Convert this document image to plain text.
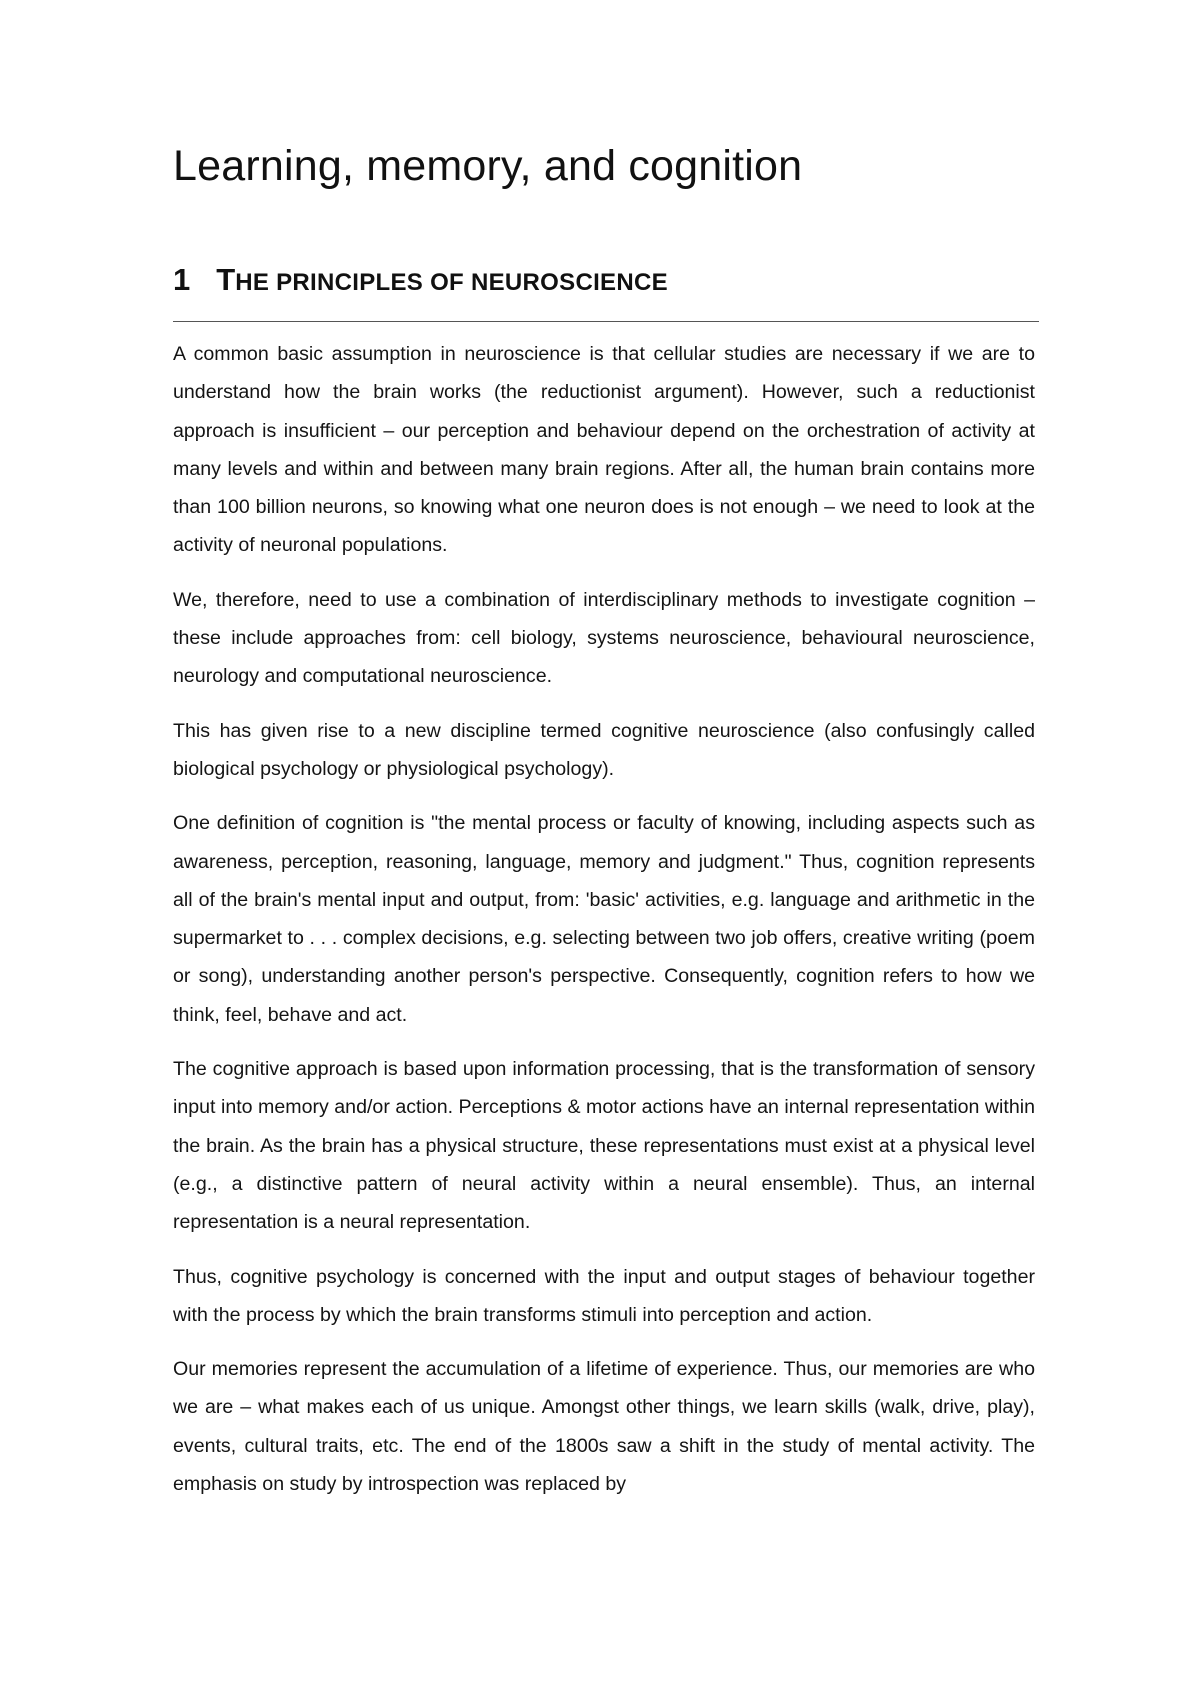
Learning, memory, and cognition
1 THE PRINCIPLES OF NEUROSCIENCE

A common basic assumption in neuroscience is that cellular studies are necessary if we are to understand how the brain works (the reductionist argument). However, such a reductionist approach is insufficient – our perception and behaviour depend on the orchestration of activity at many levels and within and between many brain regions. After all, the human brain contains more than 100 billion neurons, so knowing what one neuron does is not enough – we need to look at the activity of neuronal populations.

We, therefore, need to use a combination of interdisciplinary methods to investigate cognition – these include approaches from: cell biology, systems neuroscience, behavioural neuroscience, neurology and computational neuroscience.

This has given rise to a new discipline termed cognitive neuroscience (also confusingly called biological psychology or physiological psychology).

One definition of cognition is "the mental process or faculty of knowing, including aspects such as awareness, perception, reasoning, language, memory and judgment." Thus, cognition represents all of the brain's mental input and output, from: 'basic' activities, e.g. language and arithmetic in the supermarket to . . . complex decisions, e.g. selecting between two job offers, creative writing (poem or song), understanding another person's perspective. Consequently, cognition refers to how we think, feel, behave and act.

The cognitive approach is based upon information processing, that is the transformation of sensory input into memory and/or action. Perceptions & motor actions have an internal representation within the brain. As the brain has a physical structure, these representations must exist at a physical level (e.g., a distinctive pattern of neural activity within a neural ensemble). Thus, an internal representation is a neural representation.

Thus, cognitive psychology is concerned with the input and output stages of behaviour together with the process by which the brain transforms stimuli into perception and action.

Our memories represent the accumulation of a lifetime of experience. Thus, our memories are who we are – what makes each of us unique. Amongst other things, we learn skills (walk, drive, play), events, cultural traits, etc. The end of the 1800s saw a shift in the study of mental activity. The emphasis on study by introspection was replaced by
